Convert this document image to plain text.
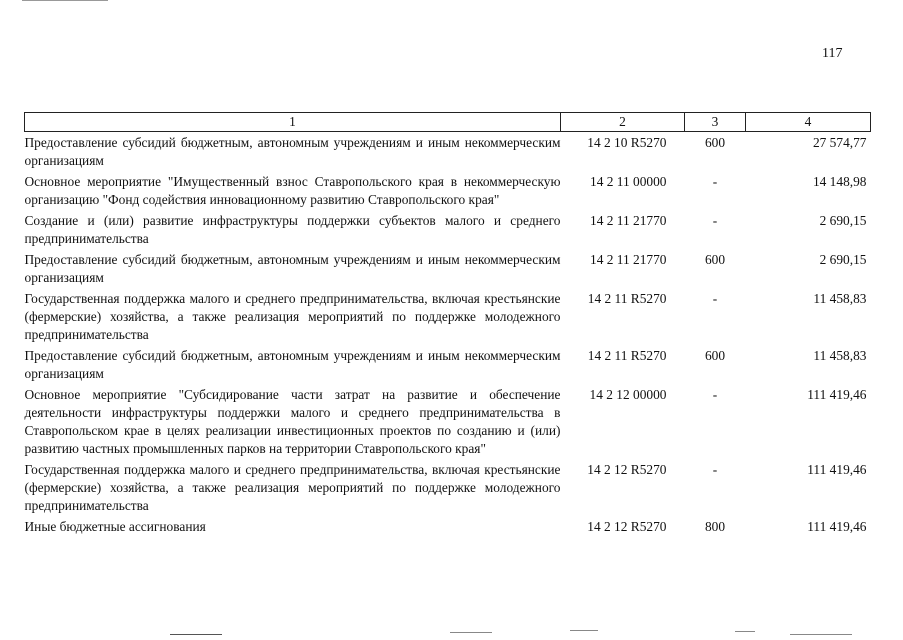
117
1	2	3	4
Предоставление субсидий бюджетным, автономным учреждениям и иным некоммерческим организациям	14 2 10 R5270	600	27 574,77
Основное мероприятие "Имущественный взнос Ставропольского края в некоммерческую организацию "Фонд содействия инновационному развитию Ставропольского края"	14 2 11 00000	-	14 148,98
Создание и (или) развитие инфраструктуры поддержки субъектов малого и среднего предпринимательства	14 2 11 21770	-	2 690,15
Предоставление субсидий бюджетным, автономным учреждениям и иным некоммерческим организациям	14 2 11 21770	600	2 690,15
Государственная поддержка малого и среднего предпринимательства, включая крестьянские (фермерские) хозяйства, а также реализация мероприятий по поддержке молодежного предпринимательства	14 2 11 R5270	-	11 458,83
Предоставление субсидий бюджетным, автономным учреждениям и иным некоммерческим организациям	14 2 11 R5270	600	11 458,83
Основное мероприятие "Субсидирование части затрат на развитие и обеспечение деятельности инфраструктуры поддержки малого и среднего предпринимательства в Ставропольском крае в целях реализации инвестиционных проектов по созданию и (или) развитию частных промышленных парков на территории Ставропольского края"	14 2 12 00000	-	111 419,46
Государственная поддержка малого и среднего предпринимательства, включая крестьянские (фермерские) хозяйства, а также реализация мероприятий по поддержке молодежного предпринимательства	14 2 12 R5270	-	111 419,46
Иные бюджетные ассигнования	14 2 12 R5270	800	111 419,46
